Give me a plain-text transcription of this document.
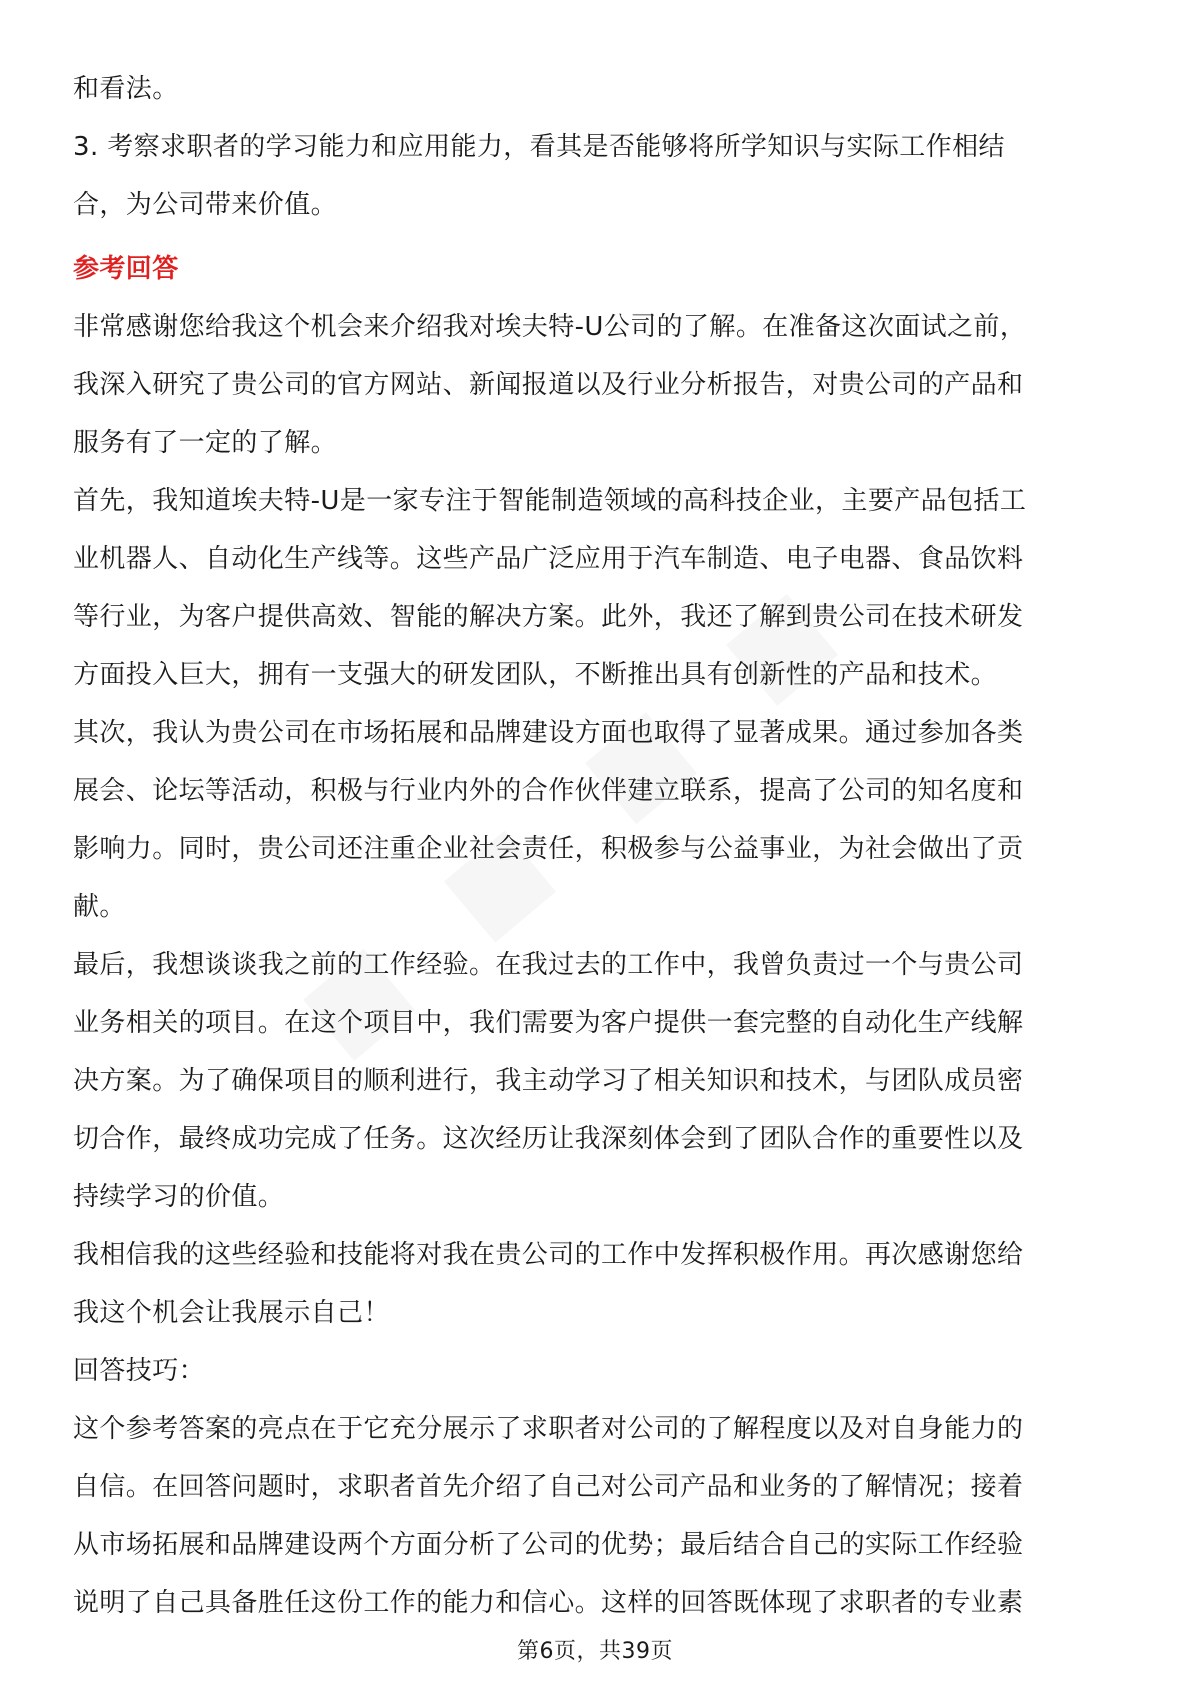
和看法。
3. 考察求职者的学习能力和应用能力，看其是否能够将所学知识与实际工作相结
合，为公司带来价值。
参考回答
非常感谢您给我这个机会来介绍我对埃夫特-U公司的了解。在准备这次面试之前，
我深入研究了贵公司的官方网站、新闻报道以及行业分析报告，对贵公司的产品和
服务有了一定的了解。
首先，我知道埃夫特-U是一家专注于智能制造领域的高科技企业，主要产品包括工
业机器人、自动化生产线等。这些产品广泛应用于汽车制造、电子电器、食品饮料
等行业，为客户提供高效、智能的解决方案。此外，我还了解到贵公司在技术研发
方面投入巨大，拥有一支强大的研发团队，不断推出具有创新性的产品和技术。
其次，我认为贵公司在市场拓展和品牌建设方面也取得了显著成果。通过参加各类
展会、论坛等活动，积极与行业内外的合作伙伴建立联系，提高了公司的知名度和
影响力。同时，贵公司还注重企业社会责任，积极参与公益事业，为社会做出了贡
献。
最后，我想谈谈我之前的工作经验。在我过去的工作中，我曾负责过一个与贵公司
业务相关的项目。在这个项目中，我们需要为客户提供一套完整的自动化生产线解
决方案。为了确保项目的顺利进行，我主动学习了相关知识和技术，与团队成员密
切合作，最终成功完成了任务。这次经历让我深刻体会到了团队合作的重要性以及
持续学习的价值。
我相信我的这些经验和技能将对我在贵公司的工作中发挥积极作用。再次感谢您给
我这个机会让我展示自己！
回答技巧：
这个参考答案的亮点在于它充分展示了求职者对公司的了解程度以及对自身能力的
自信。在回答问题时，求职者首先介绍了自己对公司产品和业务的了解情况；接着
从市场拓展和品牌建设两个方面分析了公司的优势；最后结合自己的实际工作经验
说明了自己具备胜任这份工作的能力和信心。这样的回答既体现了求职者的专业素
第6页，共39页
